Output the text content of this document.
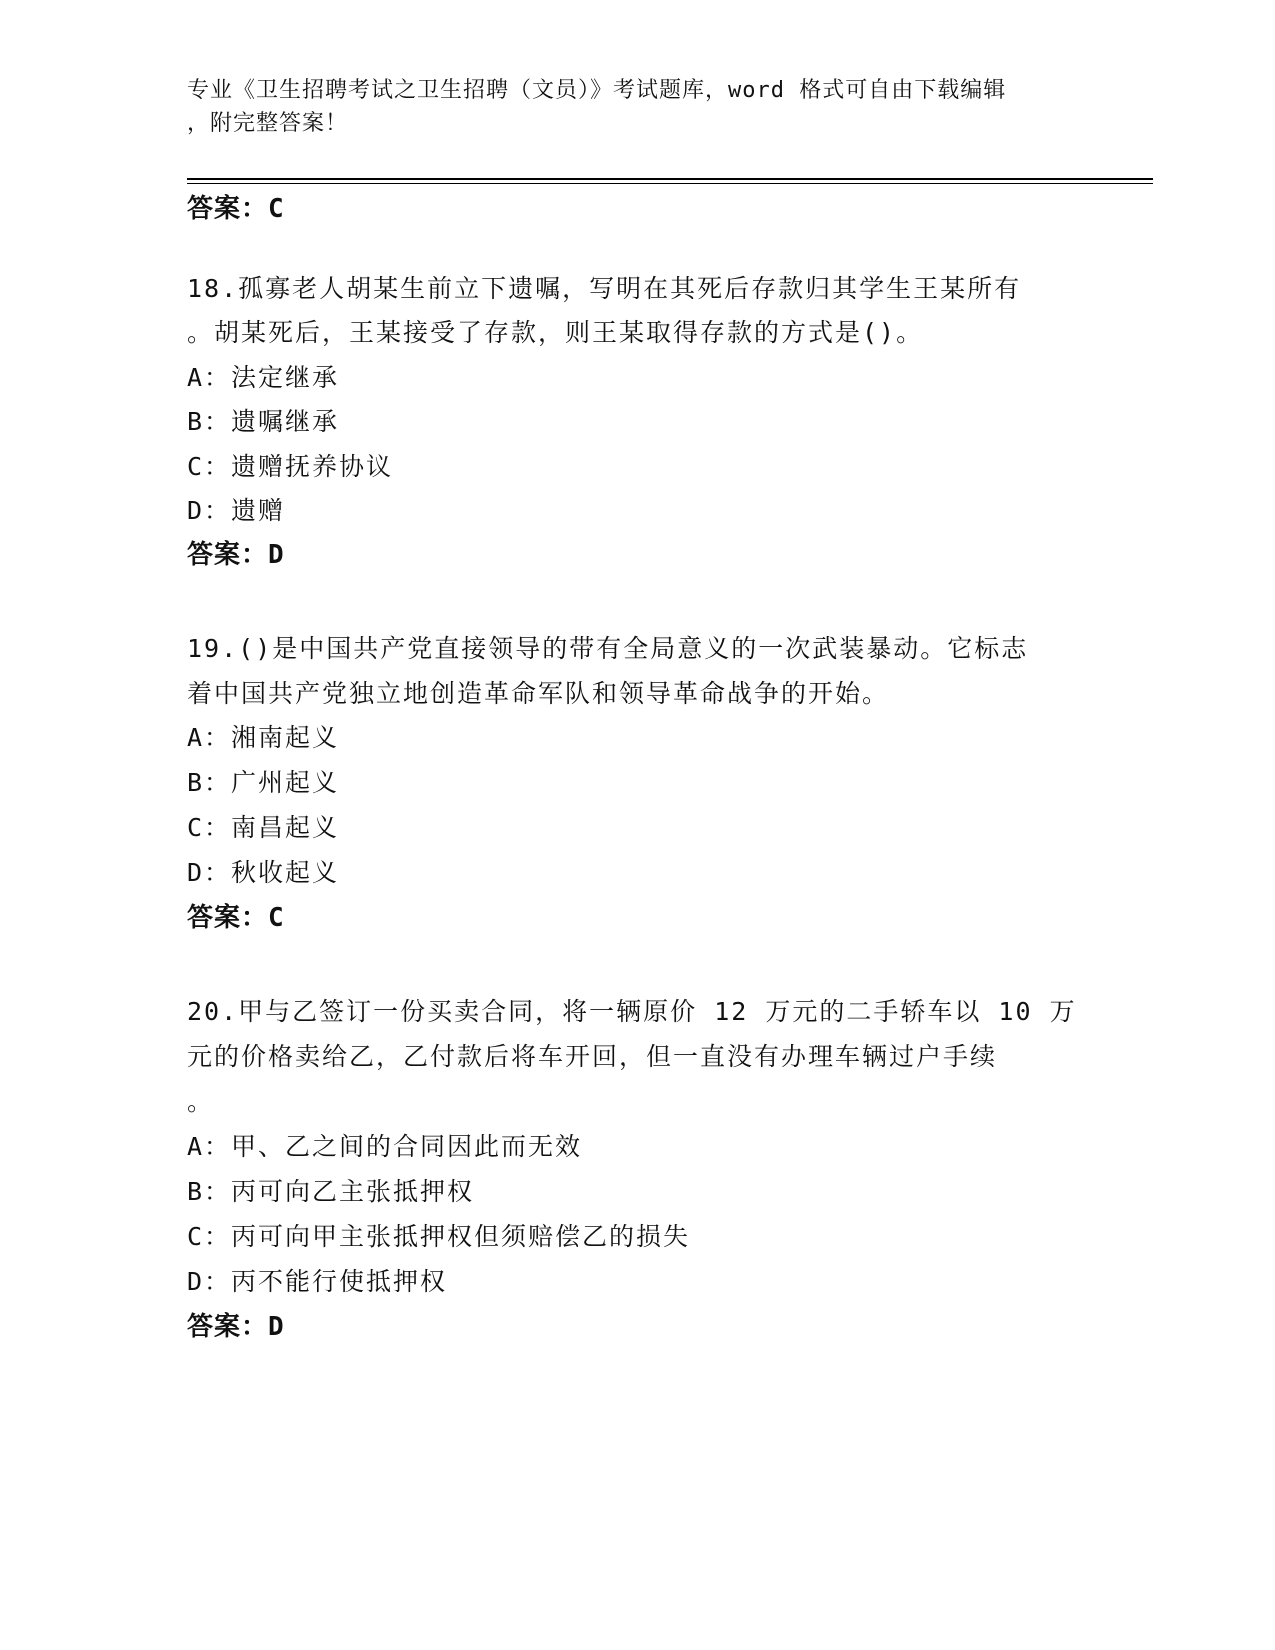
专业《卫生招聘考试之卫生招聘（文员）》考试题库，word 格式可自由下载编辑
，附完整答案！
答案：C
18.孤寡老人胡某生前立下遗嘱，写明在其死后存款归其学生王某所有
。胡某死后，王某接受了存款，则王某取得存款的方式是()。
A：法定继承
B：遗嘱继承
C：遗赠抚养协议
D：遗赠
答案：D
19.()是中国共产党直接领导的带有全局意义的一次武装暴动。它标志
着中国共产党独立地创造革命军队和领导革命战争的开始。
A：湘南起义
B：广州起义
C：南昌起义
D：秋收起义
答案：C
20.甲与乙签订一份买卖合同，将一辆原价 12 万元的二手轿车以 10 万
元的价格卖给乙，乙付款后将车开回，但一直没有办理车辆过户手续
。
A：甲、乙之间的合同因此而无效
B：丙可向乙主张抵押权
C：丙可向甲主张抵押权但须赔偿乙的损失
D：丙不能行使抵押权
答案：D
